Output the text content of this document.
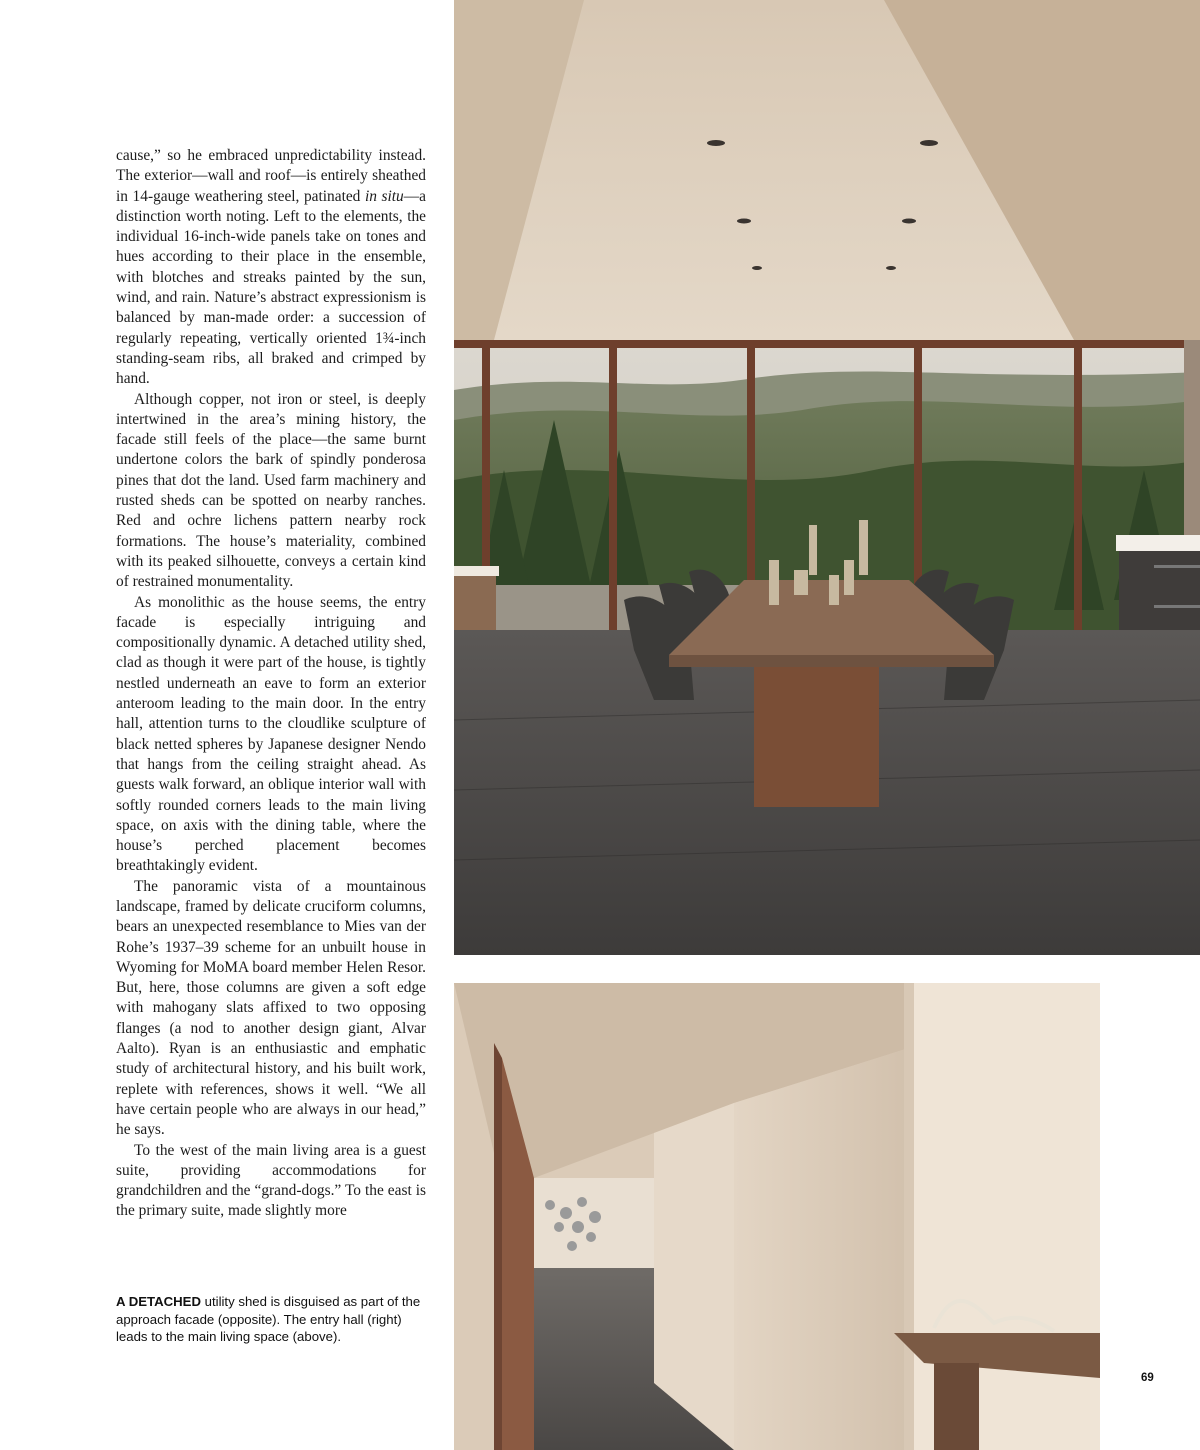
cause,” so he embraced unpredictability instead. The exterior—wall and roof—is entirely sheathed in 14-gauge weathering steel, patinated in situ—a distinction worth noting. Left to the elements, the individual 16-inch-wide panels take on tones and hues according to their place in the ensemble, with blotches and streaks painted by the sun, wind, and rain. Nature’s abstract expressionism is balanced by man-made order: a succession of regularly repeating, vertically oriented 1¾-inch standing-seam ribs, all braked and crimped by hand.

Although copper, not iron or steel, is deeply intertwined in the area’s mining history, the facade still feels of the place—the same burnt undertone colors the bark of spindly ponderosa pines that dot the land. Used farm machinery and rusted sheds can be spotted on nearby ranches. Red and ochre lichens pattern nearby rock formations. The house’s materiality, combined with its peaked silhouette, conveys a certain kind of restrained monumentality.

As monolithic as the house seems, the entry facade is especially intriguing and compositionally dynamic. A detached utility shed, clad as though it were part of the house, is tightly nestled underneath an eave to form an exterior anteroom leading to the main door. In the entry hall, attention turns to the cloudlike sculpture of black netted spheres by Japanese designer Nendo that hangs from the ceiling straight ahead. As guests walk forward, an oblique interior wall with softly rounded corners leads to the main living space, on axis with the dining table, where the house’s perched placement becomes breathtakingly evident.

The panoramic vista of a mountainous landscape, framed by delicate cruciform columns, bears an unexpected resemblance to Mies van der Rohe’s 1937–39 scheme for an unbuilt house in Wyoming for MoMA board member Helen Resor. But, here, those columns are given a soft edge with mahogany slats affixed to two opposing flanges (a nod to another design giant, Alvar Aalto). Ryan is an enthusiastic and emphatic study of architectural history, and his built work, replete with references, shows it well. “We all have certain people who are always in our head,” he says.

To the west of the main living area is a guest suite, providing accommodations for grandchildren and the “grand-dogs.” To the east is the primary suite, made slightly more

A DETACHED utility shed is disguised as part of the approach facade (opposite). The entry hall (right) leads to the main living space (above).
69
